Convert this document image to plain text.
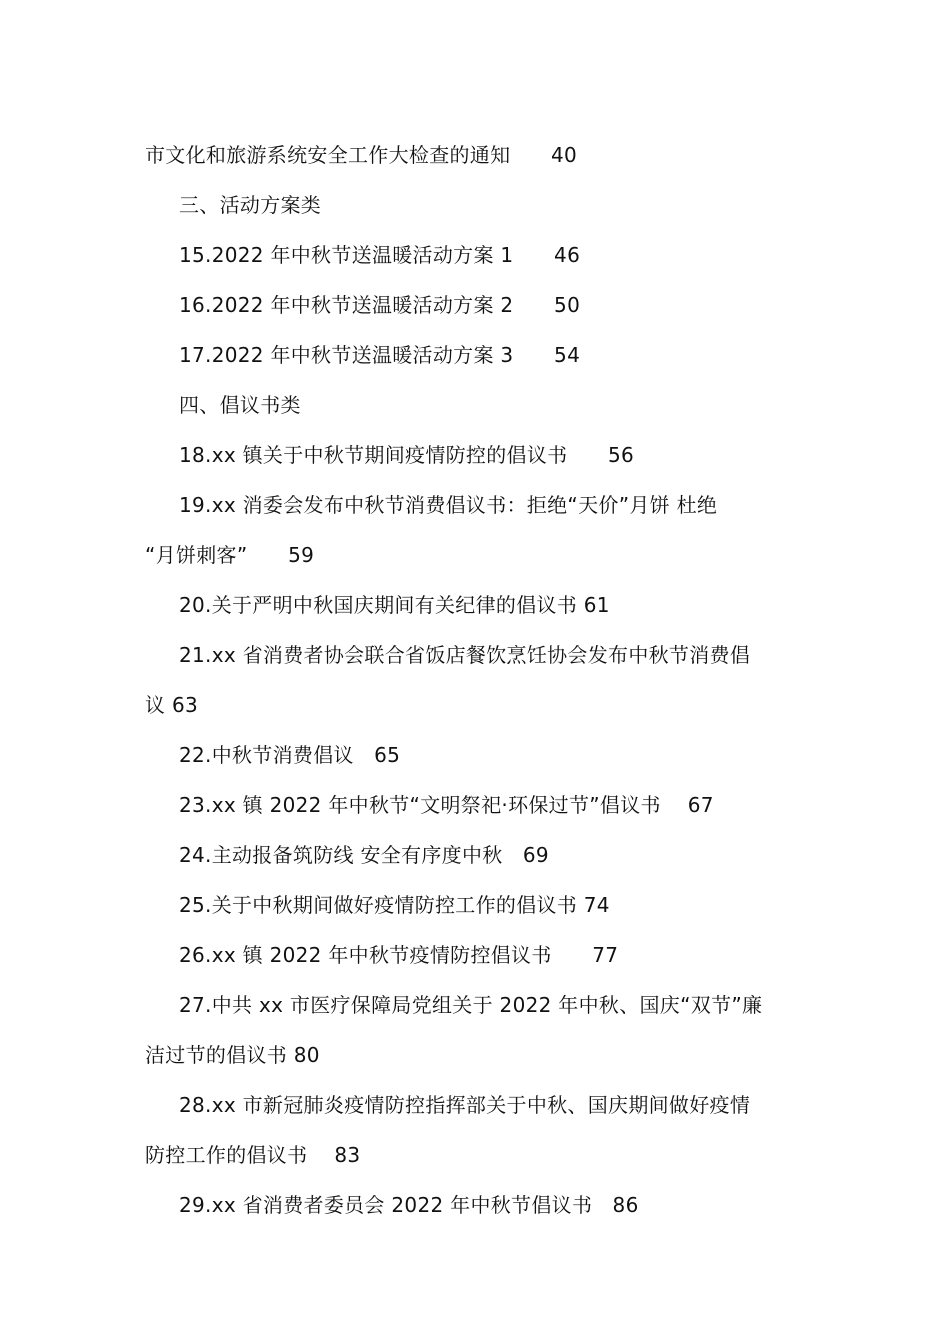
市文化和旅游系统安全工作大检查的通知  40
三、活动方案类
15.2022 年中秋节送温暖活动方案 1  46
16.2022 年中秋节送温暖活动方案 2  50
17.2022 年中秋节送温暖活动方案 3  54
四、倡议书类
18.xx 镇关于中秋节期间疫情防控的倡议书  56
19.xx 消委会发布中秋节消费倡议书：拒绝“天价”月饼 杜绝
“月饼刺客”  59
20.关于严明中秋国庆期间有关纪律的倡议书 61
21.xx 省消费者协会联合省饭店餐饮烹饪协会发布中秋节消费倡
议 63
22.中秋节消费倡议 65
23.xx 镇 2022 年中秋节“文明祭祀·环保过节”倡议书  67
24.主动报备筑防线 安全有序度中秋 69
25.关于中秋期间做好疫情防控工作的倡议书 74
26.xx 镇 2022 年中秋节疫情防控倡议书  77
27.中共 xx 市医疗保障局党组关于 2022 年中秋、国庆“双节”廉
洁过节的倡议书 80
28.xx 市新冠肺炎疫情防控指挥部关于中秋、国庆期间做好疫情
防控工作的倡议书  83
29.xx 省消费者委员会 2022 年中秋节倡议书 86
